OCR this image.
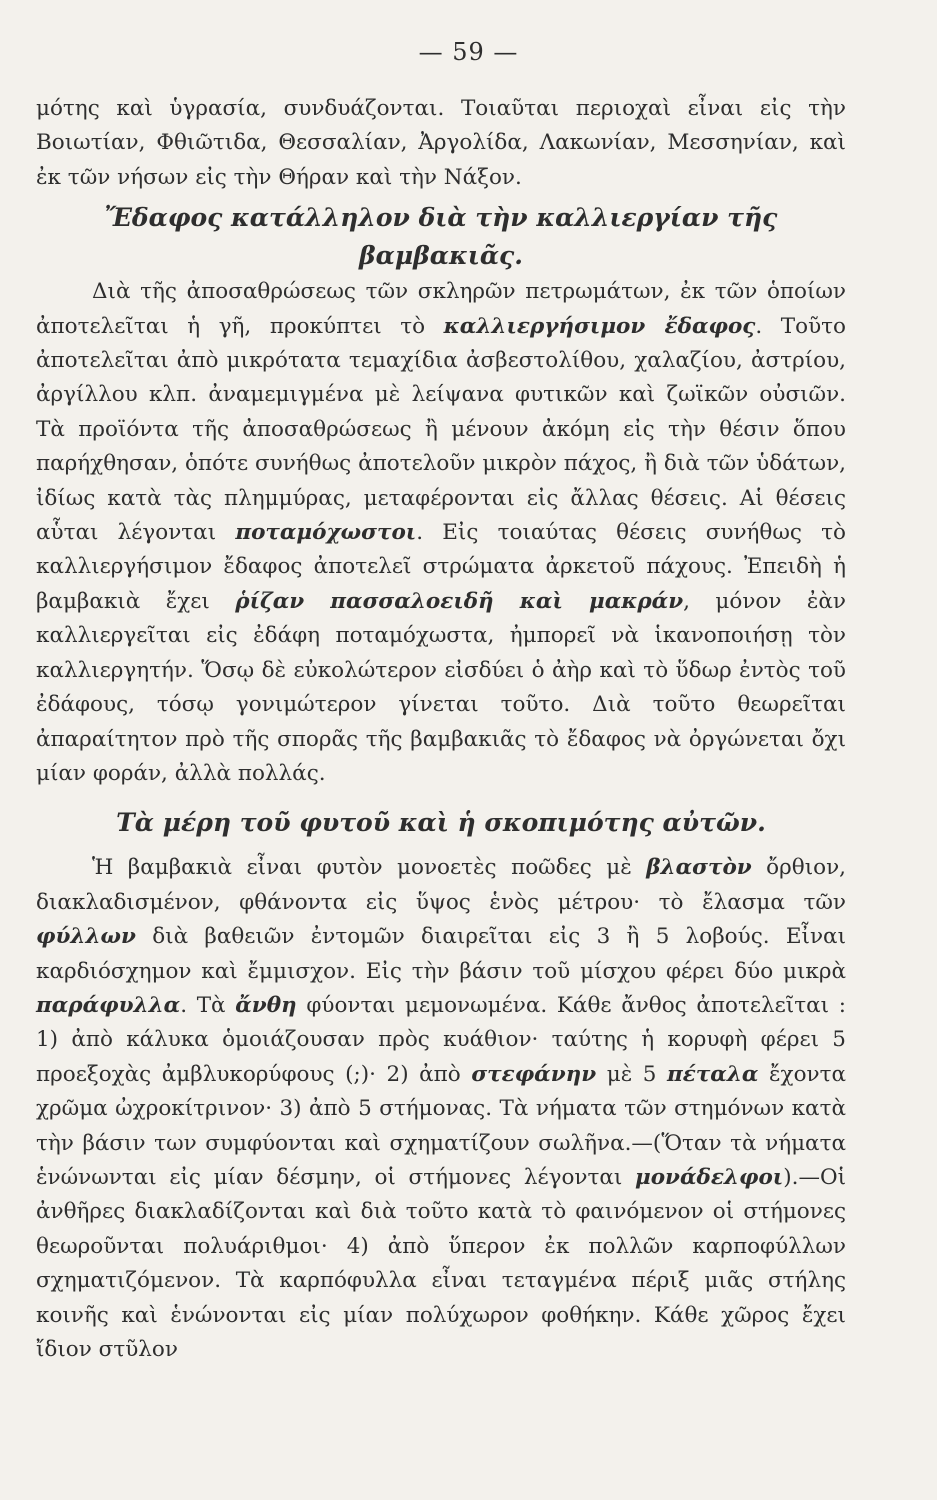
— 59 —

μότης καὶ ὑγρασία, συνδυάζονται. Τοιαῦται περιοχαὶ εἶναι εἰς τὴν Βοιωτίαν, Φθιῶτιδα, Θεσσαλίαν, Ἀργολίδα, Λακωνίαν, Μεσσηνίαν, καὶ ἐκ τῶν νήσων εἰς τὴν Θήραν καὶ τὴν Νάξον.

Ἔδαφος κατάλληλον διὰ τὴν καλλιεργίαν τῆς βαμβακιᾶς.

Διὰ τῆς ἀποσαθρώσεως τῶν σκληρῶν πετρωμάτων, ἐκ τῶν ὁποίων ἀποτελεῖται ἡ γῆ, προκύπτει τὸ καλλιεργήσιμον ἔδαφος. Τοῦτο ἀποτελεῖται ἀπὸ μικρότατα τεμαχίδια ἀσβεστολίθου, χαλαζίου, ἀστρίου, ἀργίλλου κλπ. ἀναμεμιγμένα μὲ λείψανα φυτικῶν καὶ ζωϊκῶν οὐσιῶν. Τὰ προϊόντα τῆς ἀποσαθρώσεως ἢ μένουν ἀκόμη εἰς τὴν θέσιν ὅπου παρήχθησαν, ὁπότε συνήθως ἀποτελοῦν μικρὸν πάχος, ἢ διὰ τῶν ὑδάτων, ἰδίως κατὰ τὰς πλημμύρας, μεταφέρονται εἰς ἄλλας θέσεις. Αἱ θέσεις αὗται λέγονται ποταμόχωστοι. Εἰς τοιαύτας θέσεις συνήθως τὸ καλλιεργήσιμον ἔδαφος ἀποτελεῖ στρώματα ἀρκετοῦ πάχους. Ἐπειδὴ ἡ βαμβακιὰ ἔχει ῥίζαν πασσαλοειδῆ καὶ μακράν, μόνον ἐὰν καλλιεργεῖται εἰς ἐδάφη ποταμόχωστα, ἠμπορεῖ νὰ ἱκανοποιήσῃ τὸν καλλιεργητήν. Ὅσῳ δὲ εὐκολώτερον εἰσδύει ὁ ἀὴρ καὶ τὸ ὕδωρ ἐντὸς τοῦ ἐδάφους, τόσῳ γονιμώτερον γίνεται τοῦτο. Διὰ τοῦτο θεωρεῖται ἀπαραίτητον πρὸ τῆς σπορᾶς τῆς βαμβακιᾶς τὸ ἔδαφος νὰ ὀργώνεται ὄχι μίαν φοράν, ἀλλὰ πολλάς.

Τὰ μέρη τοῦ φυτοῦ καὶ ἡ σκοπιμότης αὐτῶν.

Ἡ βαμβακιὰ εἶναι φυτὸν μονοετὲς ποῶδες μὲ βλαστὸν ὄρθιον, διακλαδισμένον, φθάνοντα εἰς ὕψος ἑνὸς μέτρου· τὸ ἔλασμα τῶν φύλλων διὰ βαθειῶν ἐντομῶν διαιρεῖται εἰς 3 ἢ 5 λοβούς. Εἶναι καρδιόσχημον καὶ ἔμμισχον. Εἰς τὴν βάσιν τοῦ μίσχου φέρει δύο μικρὰ παράφυλλα. Τὰ ἄνθη φύονται μεμονωμένα. Κάθε ἄνθος ἀποτελεῖται : 1) ἀπὸ κάλυκα ὁμοιάζουσαν πρὸς κυάθιον· ταύτης ἡ κορυφὴ φέρει 5 προεξοχὰς ἀμβλυκορύφους (;)· 2) ἀπὸ στεφάνην μὲ 5 πέταλα ἔχοντα χρῶμα ὠχροκίτρινον· 3) ἀπὸ 5 στήμονας. Τὰ νήματα τῶν στημόνων κατὰ τὴν βάσιν των συμφύονται καὶ σχηματίζουν σωλῆνα.—(Ὅταν τὰ νήματα ἑνώνωνται εἰς μίαν δέσμην, οἱ στήμονες λέγονται μονάδελφοι).—Οἱ ἀνθῆρες διακλαδίζονται καὶ διὰ τοῦτο κατὰ τὸ φαινόμενον οἱ στήμονες θεωροῦνται πολυάριθμοι· 4) ἀπὸ ὕπερον ἐκ πολλῶν καρποφύλλων σχηματιζόμενον. Τὰ καρπόφυλλα εἶναι τεταγμένα πέριξ μιᾶς στήλης κοινῆς καὶ ἑνώνονται εἰς μίαν πολύχωρον φοθήκην. Κάθε χῶρος ἔχει ἴδιον στῦλον
